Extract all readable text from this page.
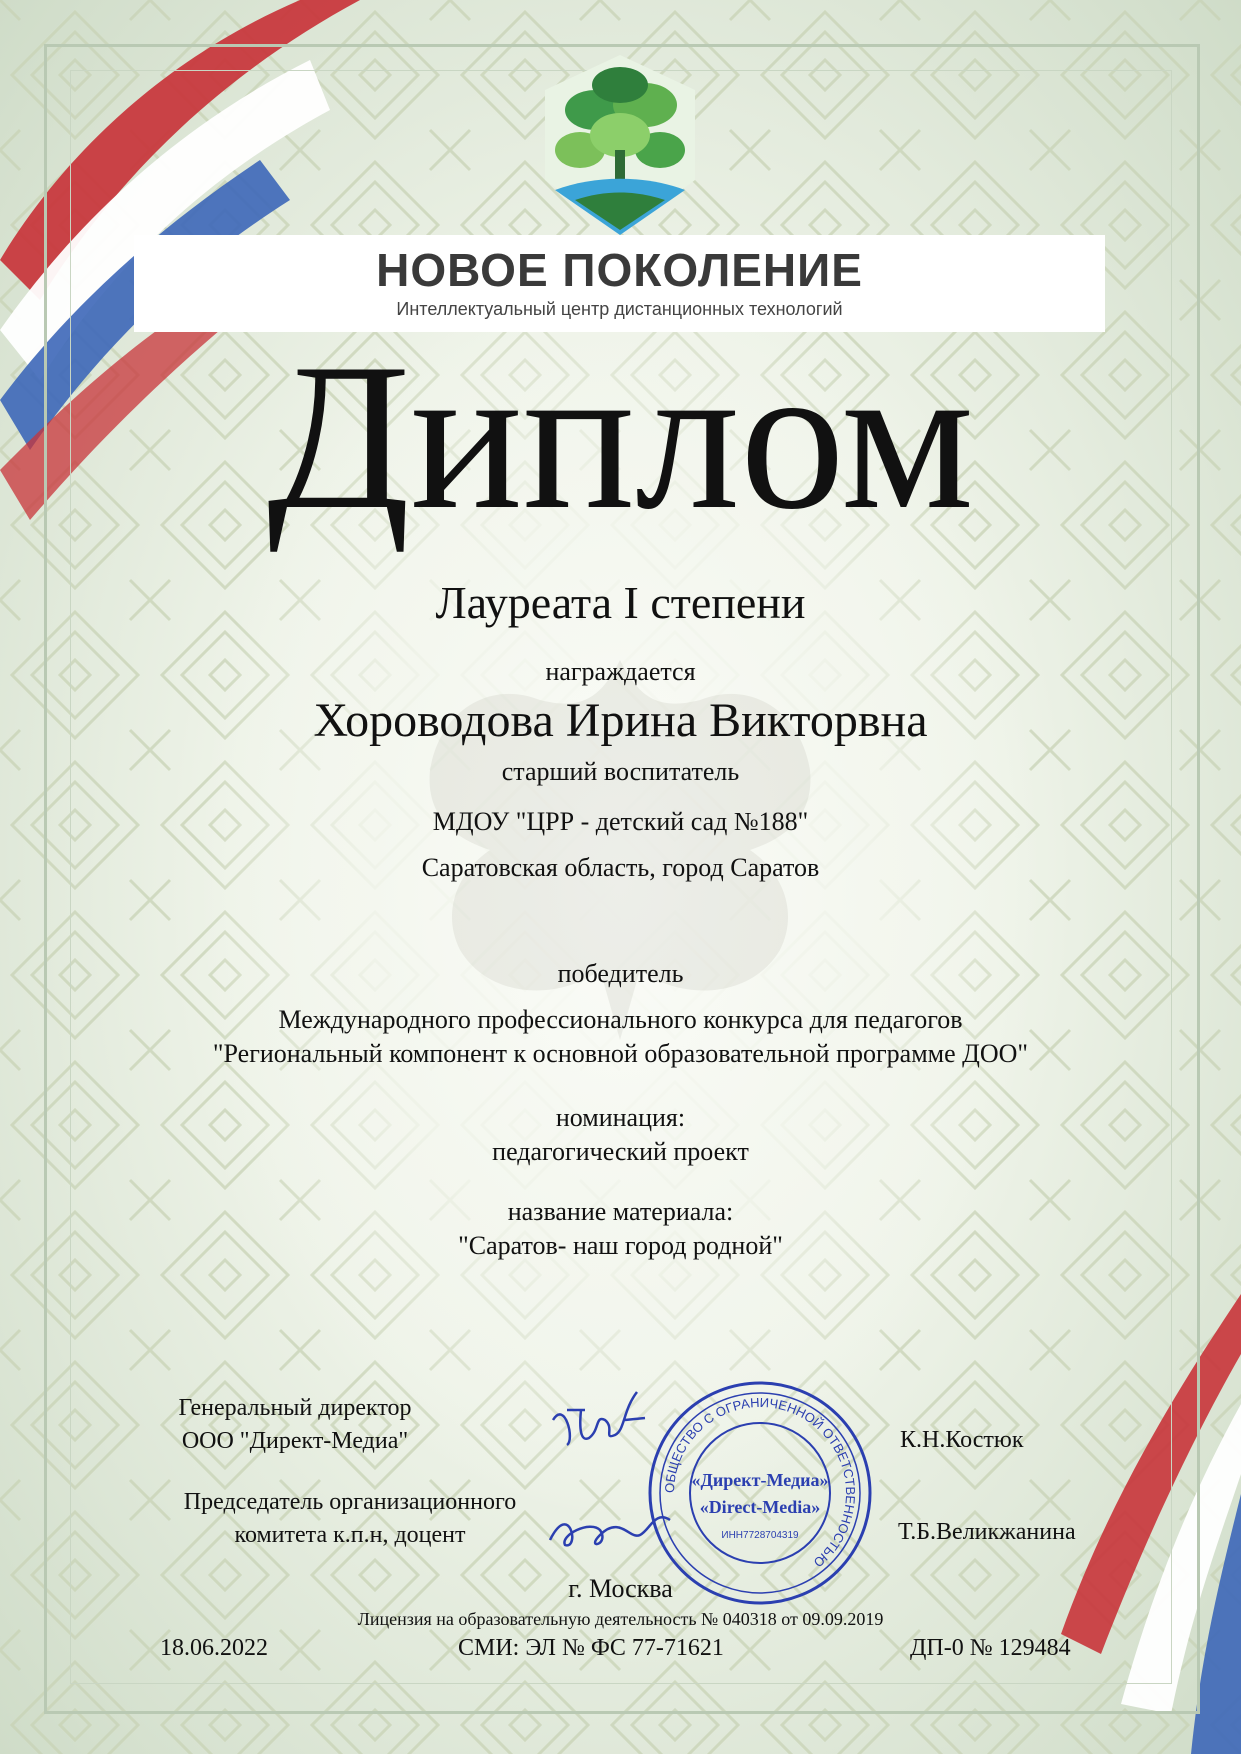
НОВОЕ ПОКОЛЕНИЕ
Интеллектуальный центр дистанционных технологий
Диплом
Лауреата I степени
награждается
Хороводова Ирина Викторвна
старший воспитатель
МДОУ "ЦРР - детский сад №188"
Саратовская область, город Саратов
победитель
Международного профессионального конкурса для педагогов
"Региональный компонент к основной образовательной программе ДОО"
номинация:
педагогический проект
название материала:
"Саратов- наш город родной"
Генеральный директор
ООО "Директ-Медиа"
Председатель организационного
комитета к.п.н, доцент
ОБЩЕСТВО С ОГРАНИЧЕННОЙ ОТВЕТСТВЕННОСТЬЮ
«Директ-Медиа»
«Direct-Media»
ИНН7728704319
К.Н.Костюк
Т.Б.Великжанина
г. Москва
Лицензия на образовательную деятельность № 040318 от 09.09.2019
18.06.2022	СМИ: ЭЛ № ФС 77-71621	ДП-0 № 129484
